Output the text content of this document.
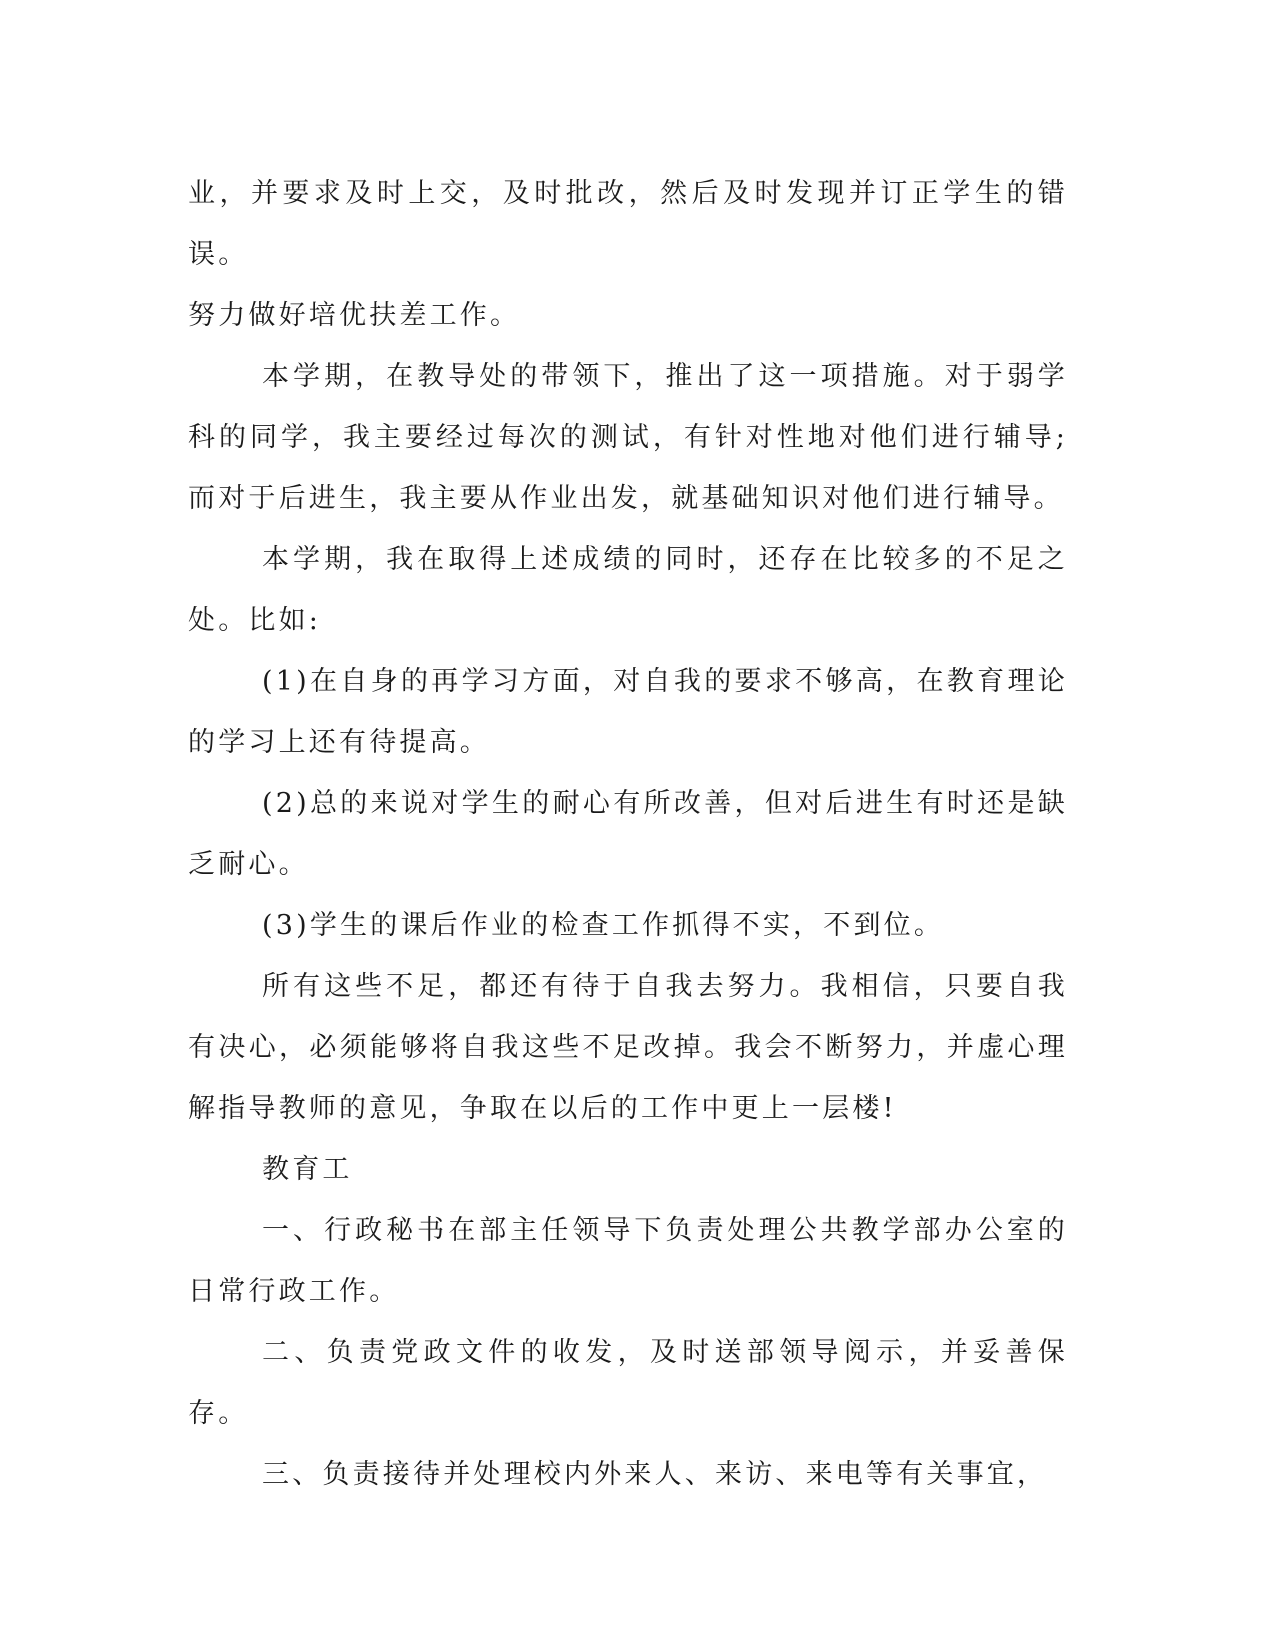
业，并要求及时上交，及时批改，然后及时发现并订正学生的错误。

努力做好培优扶差工作。

本学期，在教导处的带领下，推出了这一项措施。对于弱学科的同学，我主要经过每次的测试，有针对性地对他们进行辅导;而对于后进生，我主要从作业出发，就基础知识对他们进行辅导。

本学期，我在取得上述成绩的同时，还存在比较多的不足之处。比如:

(1)在自身的再学习方面，对自我的要求不够高，在教育理论的学习上还有待提高。

(2)总的来说对学生的耐心有所改善，但对后进生有时还是缺乏耐心。

(3)学生的课后作业的检查工作抓得不实，不到位。

所有这些不足，都还有待于自我去努力。我相信，只要自我有决心，必须能够将自我这些不足改掉。我会不断努力，并虚心理解指导教师的意见，争取在以后的工作中更上一层楼!

教育工

一、行政秘书在部主任领导下负责处理公共教学部办公室的日常行政工作。

二、负责党政文件的收发，及时送部领导阅示，并妥善保存。

三、负责接待并处理校内外来人、来访、来电等有关事宜，
